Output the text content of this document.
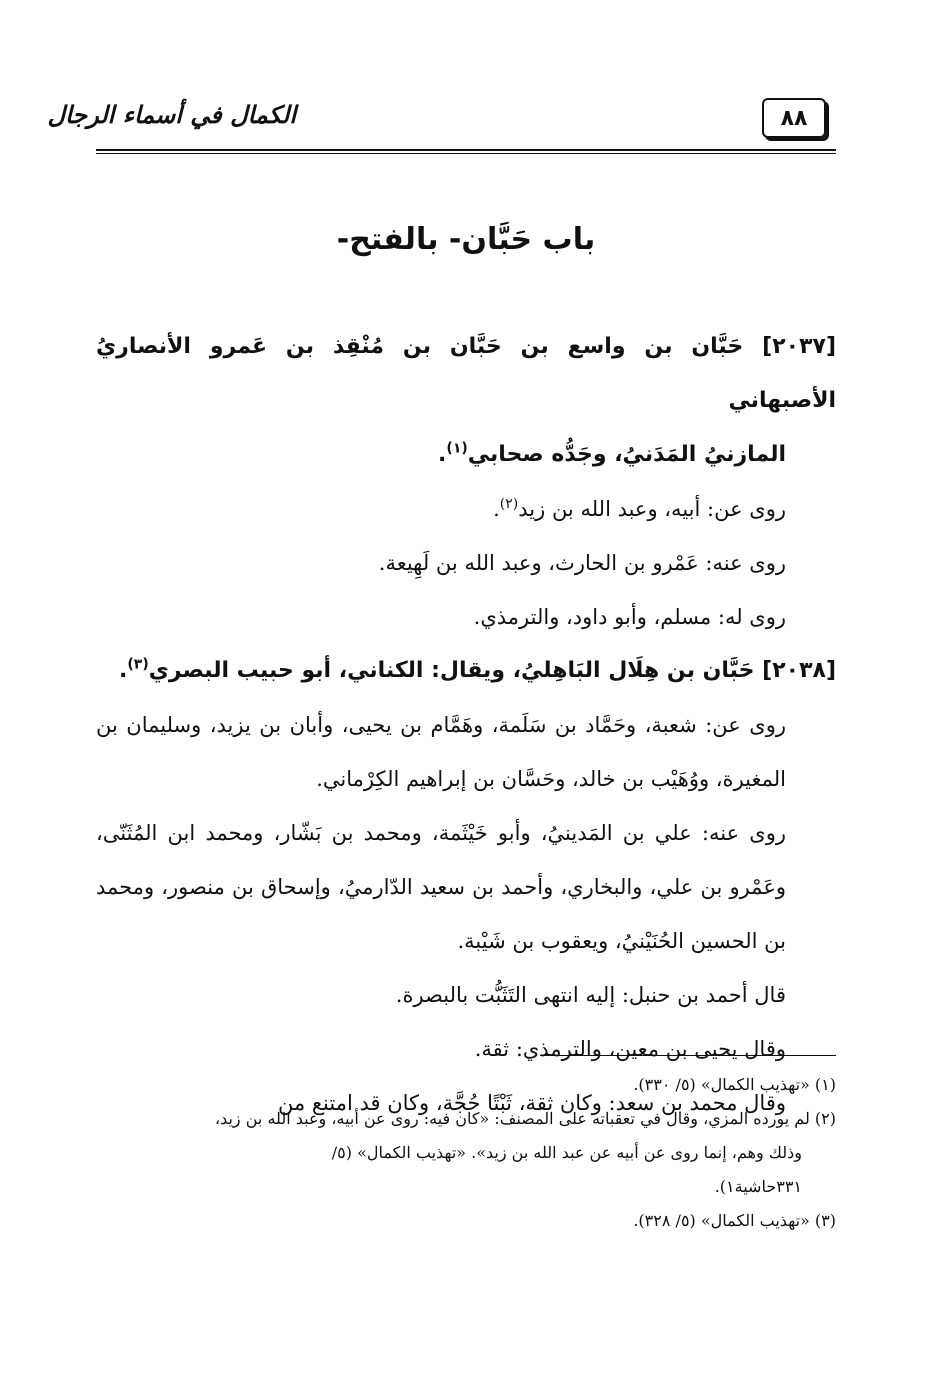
٨٨
الكمال في أسماء الرجال
باب حَبَّان- بالفتح-

[٢٠٣٧] حَبَّان بن واسع بن حَبَّان بن مُنْقِذ بن عَمرو الأنصاريُ الأصبهاني

المازنيُ المَدَنيُ، وجَدُّه صحابي$^{(١)}$.

روى عن: أبيه، وعبد الله بن زيد$^{(٢)}$.

روى عنه: عَمْرو بن الحارث، وعبد الله بن لَهِيعة.

روى له: مسلم، وأبو داود، والترمذي.

[٢٠٣٨] حَبَّان بن هِلَال البَاهِليُ، ويقال: الكناني، أبو حبيب البصري$^{(٣)}$.

روى عن: شعبة، وحَمَّاد بن سَلَمة، وهَمَّام بن يحيى، وأبان بن يزيد، وسليمان بن المغيرة، ووُهَيْب بن خالد، وحَسَّان بن إبراهيم الكِرْماني.

روى عنه: علي بن المَدينيُ، وأبو خَيْثَمة، ومحمد بن بَشّار، ومحمد ابن المُثَنّى، وعَمْرو بن علي، والبخاري، وأحمد بن سعيد الدّارميُ، وإسحاق بن منصور، ومحمد بن الحسين الحُنَيْنيُ، ويعقوب بن شَيْبة.

قال أحمد بن حنبل: إليه انتهى التَثَبُّت بالبصرة.

وقال يحيى بن معين، والترمذي: ثقة.

وقال محمد بن سعد: وكان ثقة، ثَبْتًا حُجَّة، وكان قد امتنع من

(١) «تهذيب الكمال» (٥/ ٣٣٠).

(٢) لم يورده المزي، وقال في تعقباته على المصنف: «كان فيه: روى عن أبيه، وعبد الله بن زيد،

وذلك وهم، إنما روى عن أبيه عن عبد الله بن زيد». «تهذيب الكمال» (٥/

٣٣١حاشية١).

(٣) «تهذيب الكمال» (٥/ ٣٢٨).
